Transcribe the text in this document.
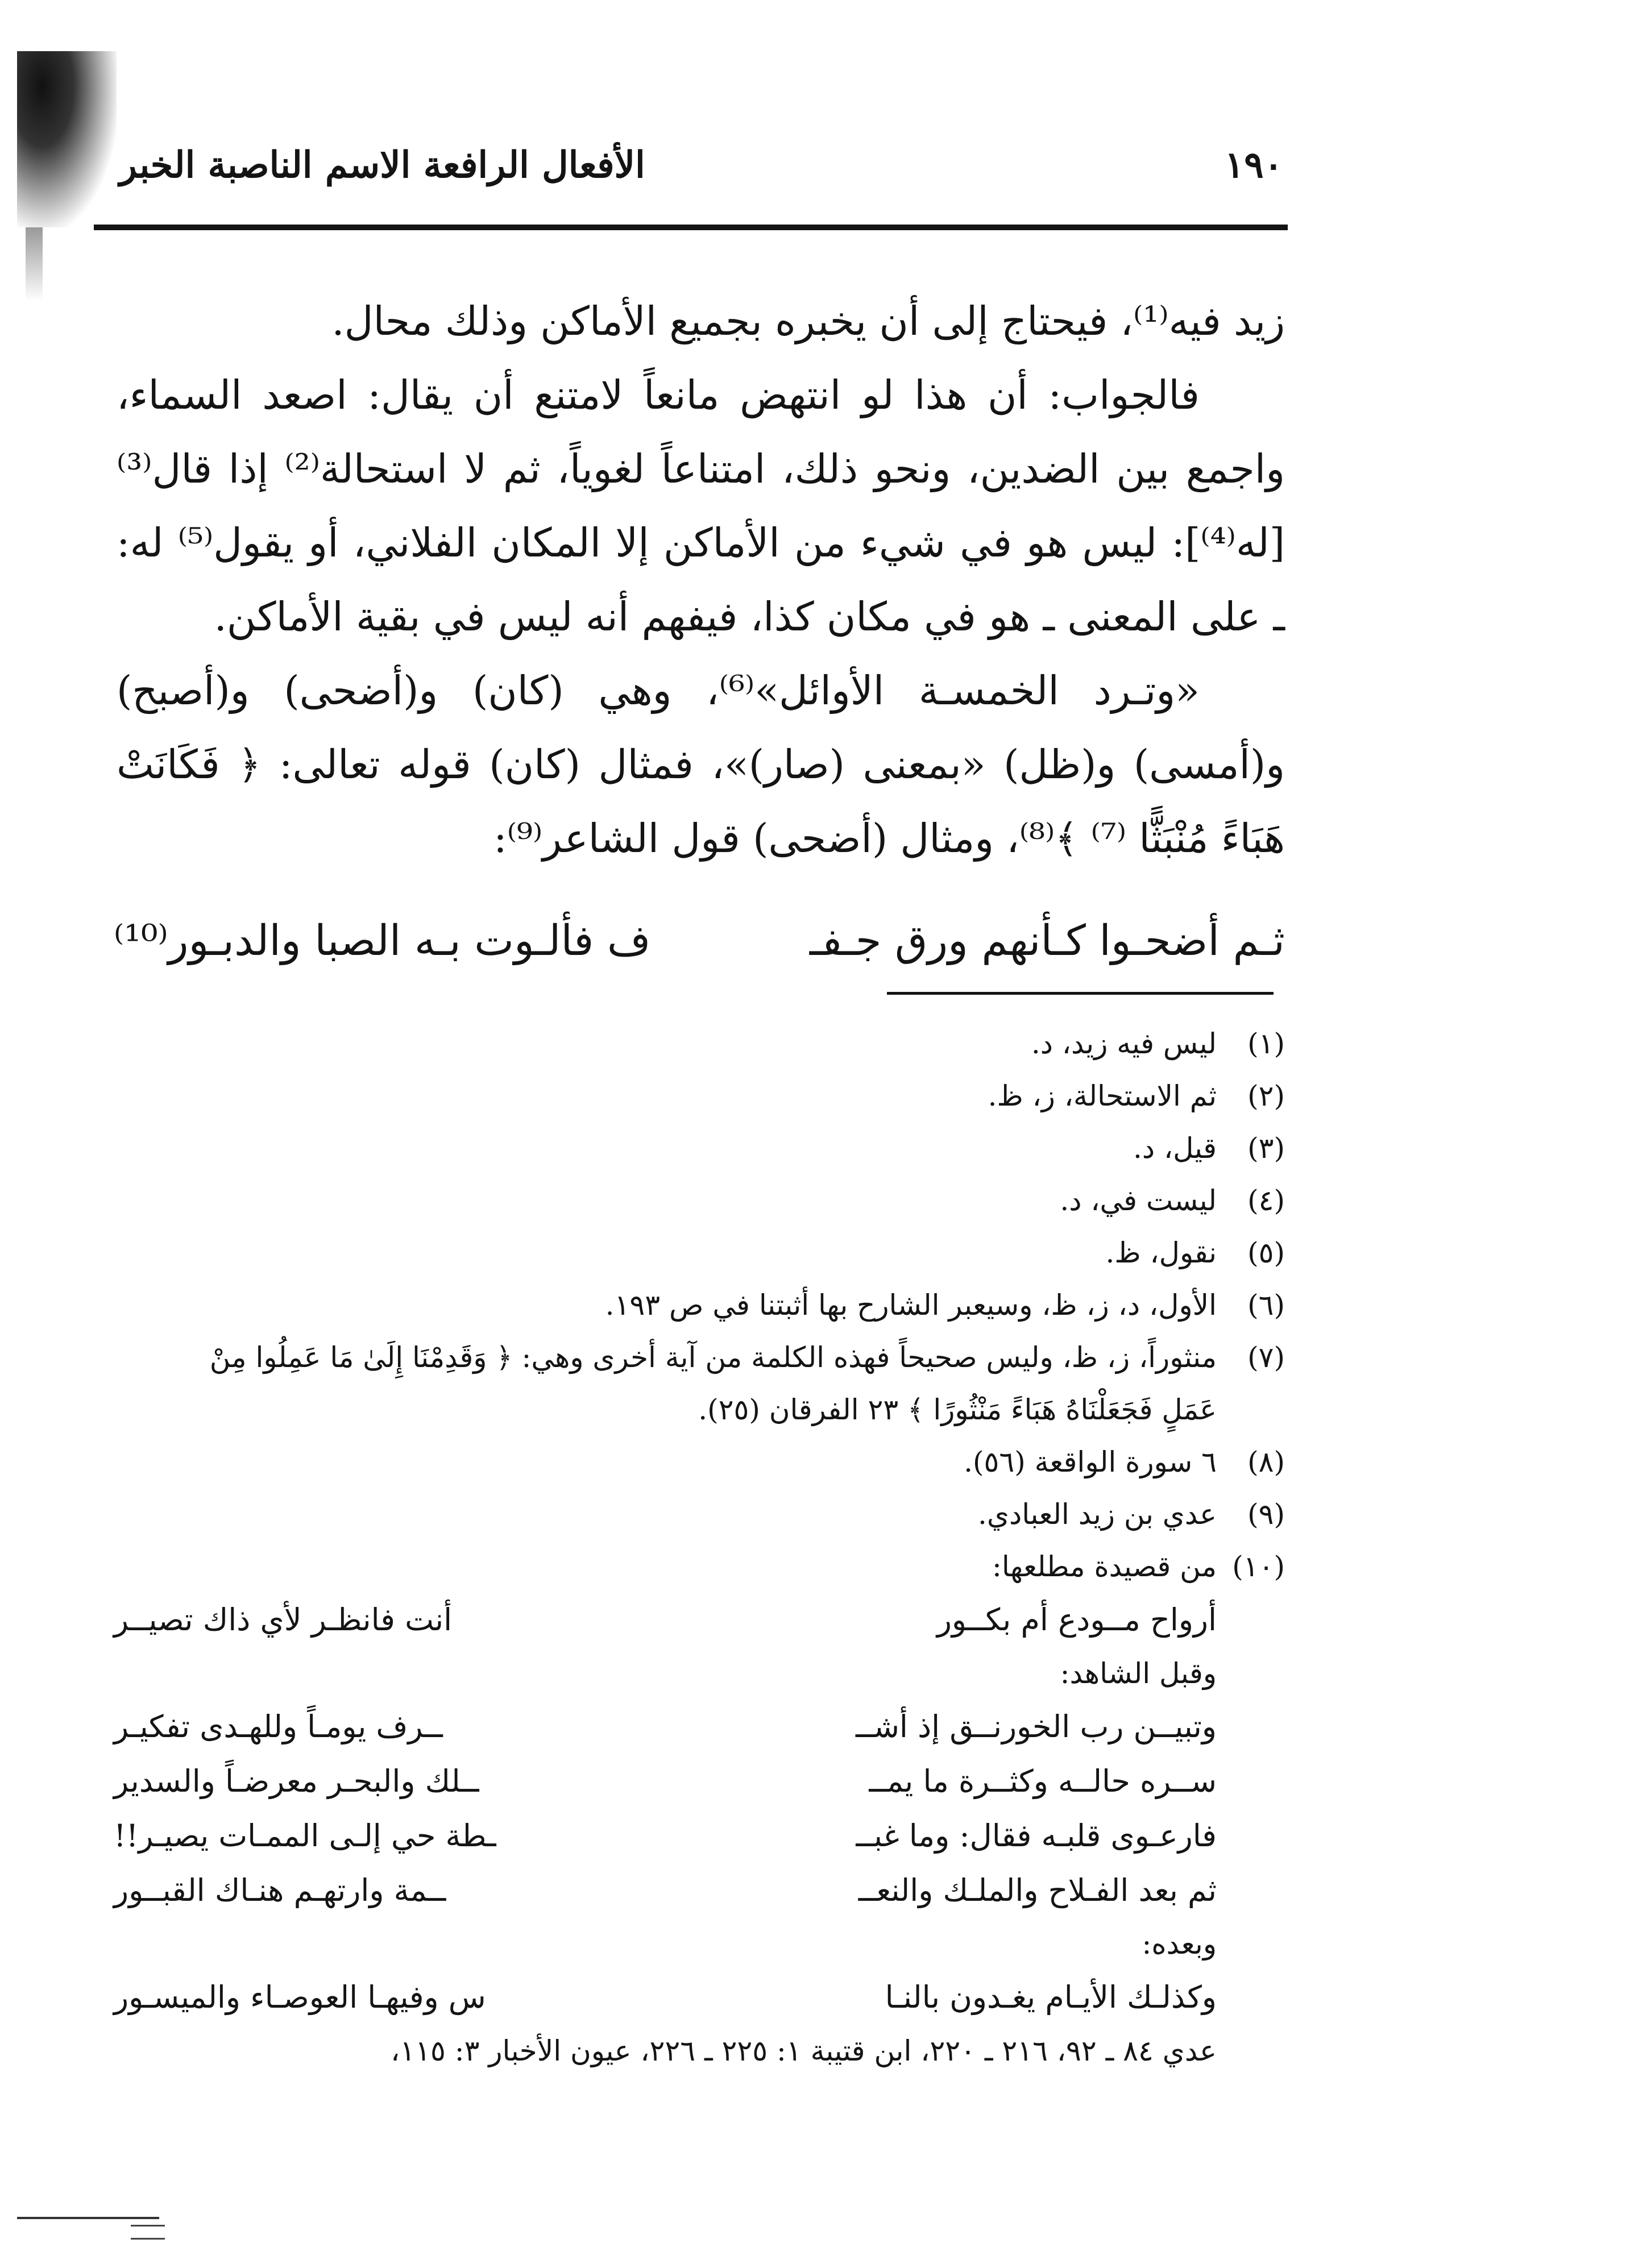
١٩٠
الأفعال الرافعة الاسم الناصبة الخبر

زيد فيه⁽¹⁾، فيحتاج إلى أن يخبره بجميع الأماكن وذلك محال.

فالجواب: أن هذا لو انتهض مانعاً لامتنع أن يقال: اصعد السماء، واجمع بين الضدين، ونحو ذلك، امتناعاً لغوياً، ثم لا استحالة⁽²⁾ إذا قال⁽³⁾ [له⁽⁴⁾]: ليس هو في شيء من الأماكن إلا المكان الفلاني، أو يقول⁽⁵⁾ له: ـ على المعنى ـ هو في مكان كذا، فيفهم أنه ليس في بقية الأماكن.

«وتـرد الخمسـة الأوائل»⁽⁶⁾، وهي (كان) و(أضحى) و(أصبح) و(أمسى) و(ظل) «بمعنى (صار)»، فمثال (كان) قوله تعالى: ﴿ فَكَانَتْ هَبَاءً مُنْبَثًّا ⁽⁷⁾ ﴾⁽⁸⁾، ومثال (أضحى) قول الشاعر⁽⁹⁾:

ثـم أضحـوا كـأنهم ورق جـفـ
ف فألـوت بـه الصبا والدبـور⁽¹⁰⁾
(١)
ليس فيه زيد، د.
(٢)
ثم الاستحالة، ز، ظ.
(٣)
قيل، د.
(٤)
ليست في، د.
(٥)
نقول، ظ.
(٦)
الأول، د، ز، ظ، وسيعبر الشارح بها أثبتنا في ص ١٩٣.
(٧)
منثوراً، ز، ظ، وليس صحيحاً فهذه الكلمة من آية أخرى وهي: ﴿ وَقَدِمْنَا إِلَىٰ مَا عَمِلُوا مِنْ
عَمَلٍ فَجَعَلْنَاهُ هَبَاءً مَنْثُورًا ﴾ ٢٣ الفرقان (٢٥).
(٨)
٦ سورة الواقعة (٥٦).
(٩)
عدي بن زيد العبادي.
(١٠)
من قصيدة مطلعها:
أرواح مــودع أم بكــور
أنت فانظـر لأي ذاك تصيــر
وقبل الشاهد:
وتبيــن رب الخورنــق إذ أشــ
ــرف يومـاً وللهـدى تفكيـر
ســره حالــه وكثــرة ما يمــ
ــلك والبحـر معرضـاً والسدير
فارعـوى قلبـه فقال: وما غبــ
ـطة حي إلـى الممـات يصيـر!!
ثم بعد الفـلاح والملـك والنعــ
ــمة وارتهـم هنـاك القبــور
وبعده:
وكذلـك الأيـام يغـدون بالنـا
س وفيهـا العوصـاء والميسـور
عدي ٨٤ ـ ٩٢، ٢١٦ ـ ٢٢٠، ابن قتيبة ١: ٢٢٥ ـ ٢٢٦، عيون الأخبار ٣: ١١٥،
